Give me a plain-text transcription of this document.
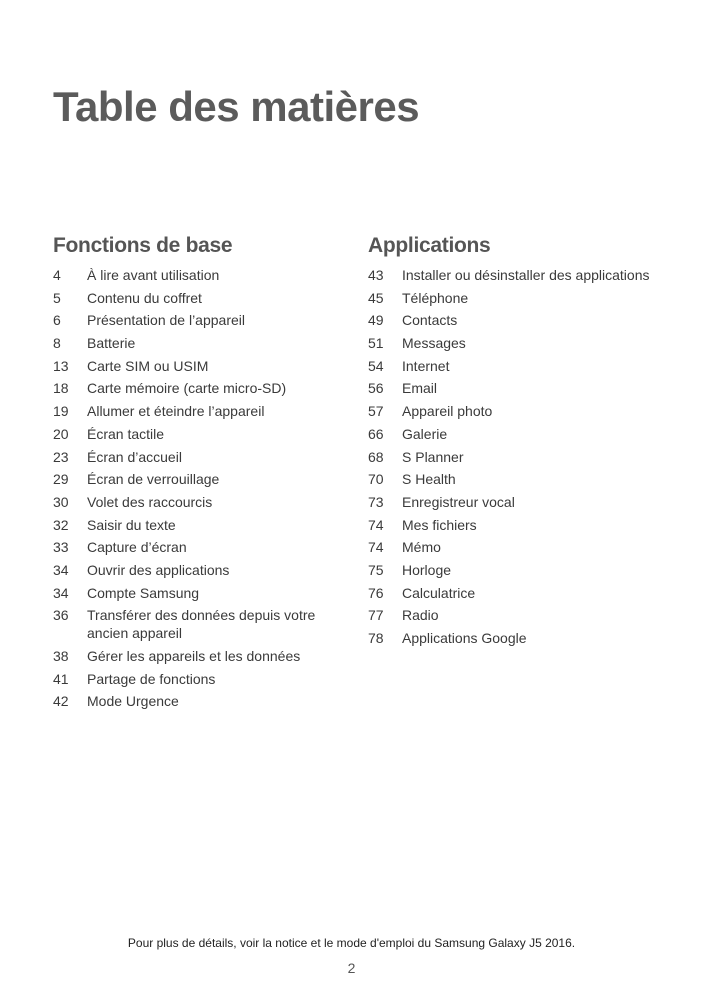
Table des matières
Fonctions de base
4	À lire avant utilisation
5	Contenu du coffret
6	Présentation de l’appareil
8	Batterie
13	Carte SIM ou USIM
18	Carte mémoire (carte micro-SD)
19	Allumer et éteindre l’appareil
20	Écran tactile
23	Écran d’accueil
29	Écran de verrouillage
30	Volet des raccourcis
32	Saisir du texte
33	Capture d’écran
34	Ouvrir des applications
34	Compte Samsung
36	Transférer des données depuis votre ancien appareil
38	Gérer les appareils et les données
41	Partage de fonctions
42	Mode Urgence
Applications
43	Installer ou désinstaller des applications
45	Téléphone
49	Contacts
51	Messages
54	Internet
56	Email
57	Appareil photo
66	Galerie
68	S Planner
70	S Health
73	Enregistreur vocal
74	Mes fichiers
74	Mémo
75	Horloge
76	Calculatrice
77	Radio
78	Applications Google
Pour plus de détails, voir la notice et le mode d'emploi du Samsung Galaxy J5 2016.
2
